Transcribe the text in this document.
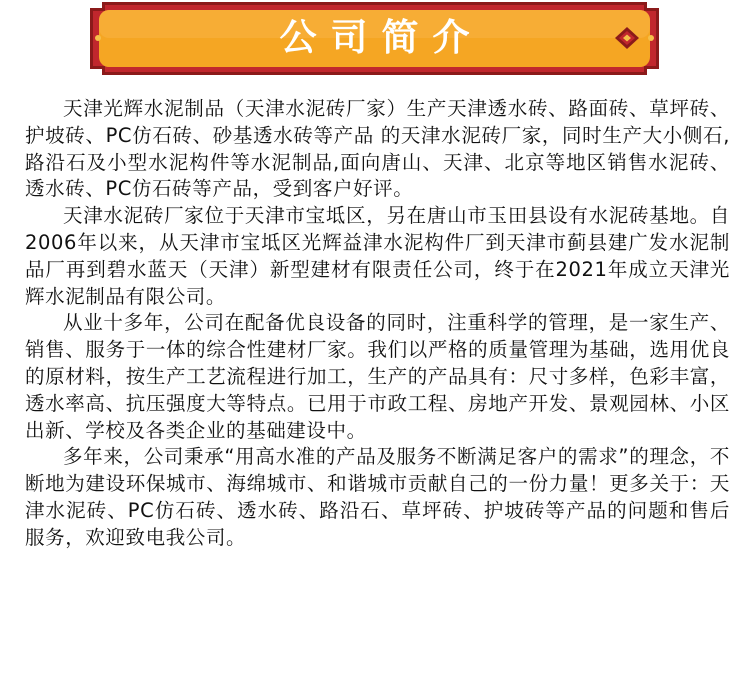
公司简介

天津光辉水泥制品（天津水泥砖厂家）生产天津透水砖、路面砖、草坪砖、护坡砖、PC仿石砖、砂基透水砖等产品 的天津水泥砖厂家，同时生产大小侧石,路沿石及小型水泥构件等水泥制品,面向唐山、天津、北京等地区销售水泥砖、透水砖、PC仿石砖等产品，受到客户好评。

天津水泥砖厂家位于天津市宝坻区，另在唐山市玉田县设有水泥砖基地。自2006年以来，从天津市宝坻区光辉益津水泥构件厂到天津市蓟县建广发水泥制品厂再到碧水蓝天（天津）新型建材有限责任公司，终于在2021年成立天津光辉水泥制品有限公司。

从业十多年，公司在配备优良设备的同时，注重科学的管理，是一家生产、销售、服务于一体的综合性建材厂家。我们以严格的质量管理为基础，选用优良的原材料，按生产工艺流程进行加工，生产的产品具有：尺寸多样，色彩丰富，透水率高、抗压强度大等特点。已用于市政工程、房地产开发、景观园林、小区出新、学校及各类企业的基础建设中。

多年来，公司秉承“用高水准的产品及服务不断满足客户的需求”的理念，不断地为建设环保城市、海绵城市、和谐城市贡献自己的一份力量！更多关于：天津水泥砖、PC仿石砖、透水砖、路沿石、草坪砖、护坡砖等产品的问题和售后服务，欢迎致电我公司。
